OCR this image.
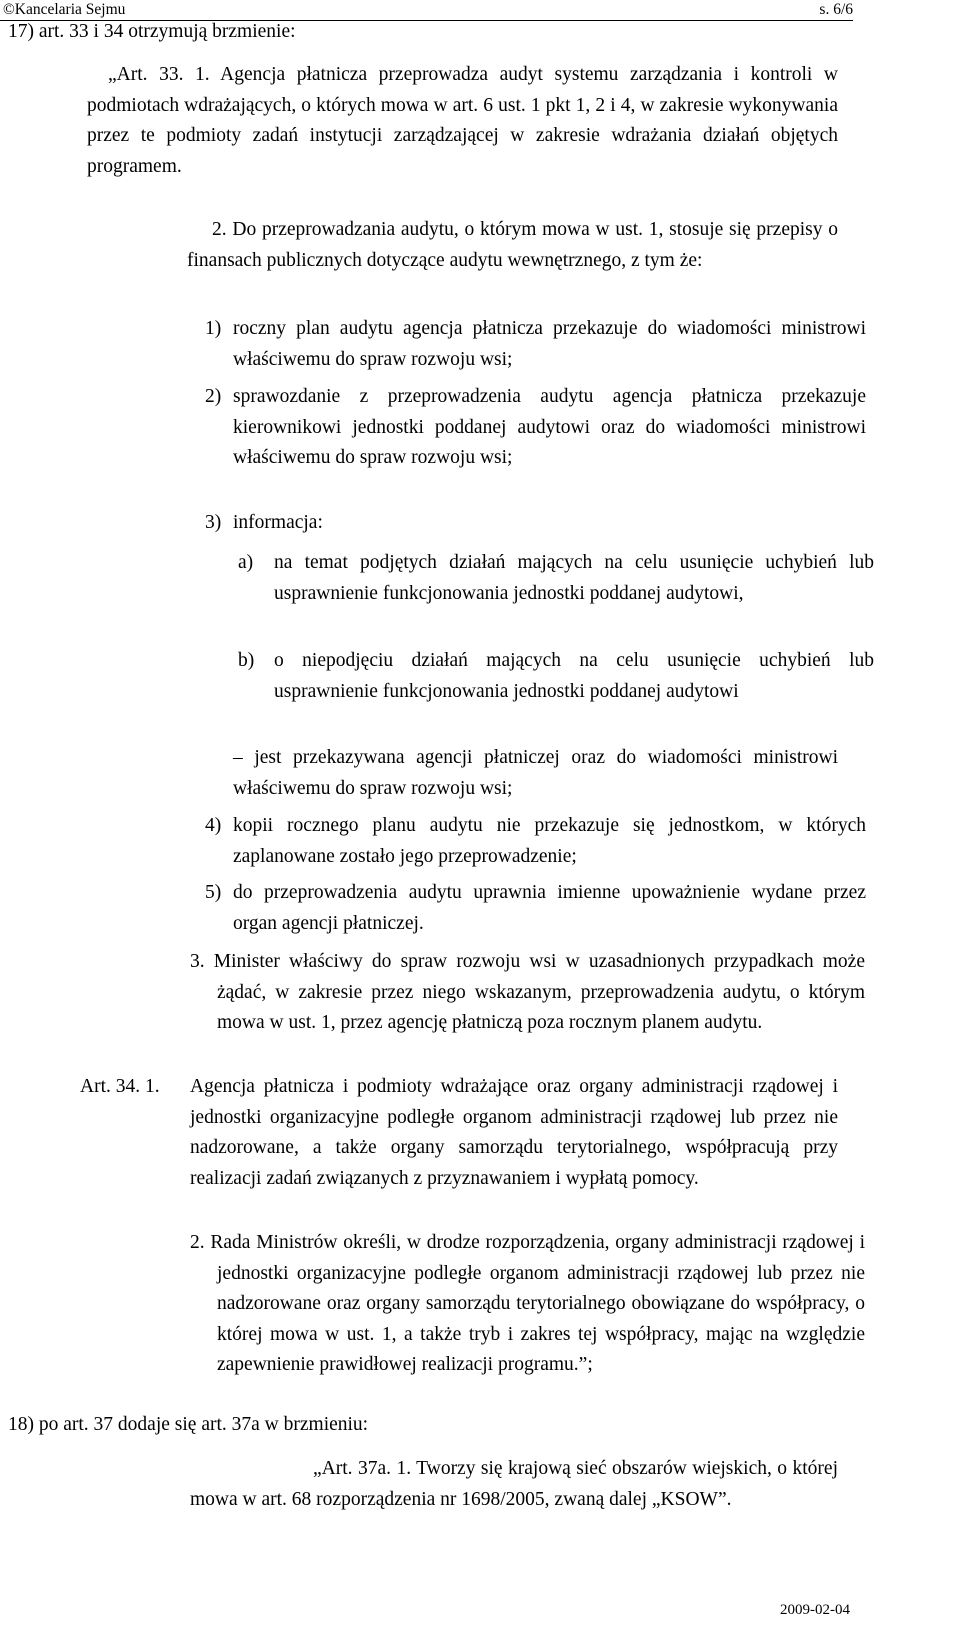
©Kancelaria Sejmu	s. 6/6
17) art. 33 i 34 otrzymują brzmienie:
„Art. 33. 1. Agencja płatnicza przeprowadza audyt systemu zarządzania i kontroli w podmiotach wdrażających, o których mowa w art. 6 ust. 1 pkt 1, 2 i 4, w zakresie wykonywania przez te podmioty zadań instytucji zarządzającej w zakresie wdrażania działań objętych programem.
2. Do przeprowadzania audytu, o którym mowa w ust. 1, stosuje się przepisy o finansach publicznych dotyczące audytu wewnętrznego, z tym że:
1) roczny plan audytu agencja płatnicza przekazuje do wiadomości ministrowi właściwemu do spraw rozwoju wsi;
2) sprawozdanie z przeprowadzenia audytu agencja płatnicza przekazuje kierownikowi jednostki poddanej audytowi oraz do wiadomości ministrowi właściwemu do spraw rozwoju wsi;
3) informacja:
a) na temat podjętych działań mających na celu usunięcie uchybień lub usprawnienie funkcjonowania jednostki poddanej audytowi,
b) o niepodjęciu działań mających na celu usunięcie uchybień lub usprawnienie funkcjonowania jednostki poddanej audytowi
– jest przekazywana agencji płatniczej oraz do wiadomości ministrowi właściwemu do spraw rozwoju wsi;
4) kopii rocznego planu audytu nie przekazuje się jednostkom, w których zaplanowane zostało jego przeprowadzenie;
5) do przeprowadzenia audytu uprawnia imienne upoważnienie wydane przez organ agencji płatniczej.
3. Minister właściwy do spraw rozwoju wsi w uzasadnionych przypadkach może żądać, w zakresie przez niego wskazanym, przeprowadzenia audytu, o którym mowa w ust. 1, przez agencję płatniczą poza rocznym planem audytu.
Art. 34. 1.	Agencja płatnicza i podmioty wdrażające oraz organy administracji rządowej i jednostki organizacyjne podległe organom administracji rządowej lub przez nie nadzorowane, a także organy samorządu terytorialnego, współpracują przy realizacji zadań związanych z przyznawaniem i wypłatą pomocy.
2. Rada Ministrów określi, w drodze rozporządzenia, organy administracji rządowej i jednostki organizacyjne podległe organom administracji rządowej lub przez nie nadzorowane oraz organy samorządu terytorialnego obowiązane do współpracy, o której mowa w ust. 1, a także tryb i zakres tej współpracy, mając na względzie zapewnienie prawidłowej realizacji programu.”;
18) po art. 37 dodaje się art. 37a w brzmieniu:
„Art. 37a. 1. Tworzy się krajową sieć obszarów wiejskich, o której mowa w art. 68 rozporządzenia nr 1698/2005, zwaną dalej „KSOW”.
2009-02-04
